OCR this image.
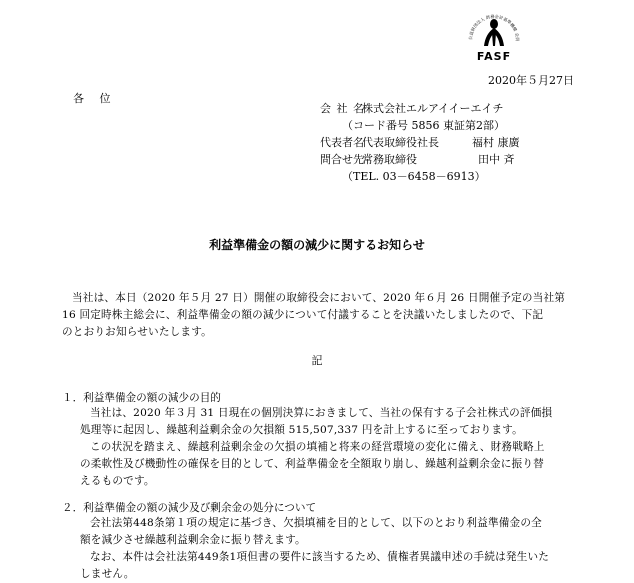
公益財団法人 財務会計基準機構 会員
FASF
2020年５月27日
各 位
会 社 名
株式会社エルアイイーエイチ
（コード番号 5856 東証第2部）
代表者名
代表取締役社長	福村 康廣
問合せ先
常務取締役	田中 斉
（TEL. 03－6458－6913）
利益準備金の額の減少に関するお知らせ
当社は、本日（2020 年５月 27 日）開催の取締役会において、2020 年６月 26 日開催予定の当社第
16 回定時株主総会に、利益準備金の額の減少について付議することを決議いたしましたので、下記
のとおりお知らせいたします。
記
１．利益準備金の額の減少の目的
当社は、2020 年３月 31 日現在の個別決算におきまして、当社の保有する子会社株式の評価損
処理等に起因し、繰越利益剰余金の欠損額 515,507,337 円を計上するに至っております。
この状況を踏まえ、繰越利益剰余金の欠損の填補と将来の経営環境の変化に備え、財務戦略上
の柔軟性及び機動性の確保を目的として、利益準備金を全額取り崩し、繰越利益剰余金に振り替
えるものです。
２．利益準備金の額の減少及び剰余金の処分について
会社法第448条第１項の規定に基づき、欠損填補を目的として、以下のとおり利益準備金の全
額を減少させ繰越利益剰余金に振り替えます。
なお、本件は会社法第449条1項但書の要件に該当するため、債権者異議申述の手続は発生いた
しません。
